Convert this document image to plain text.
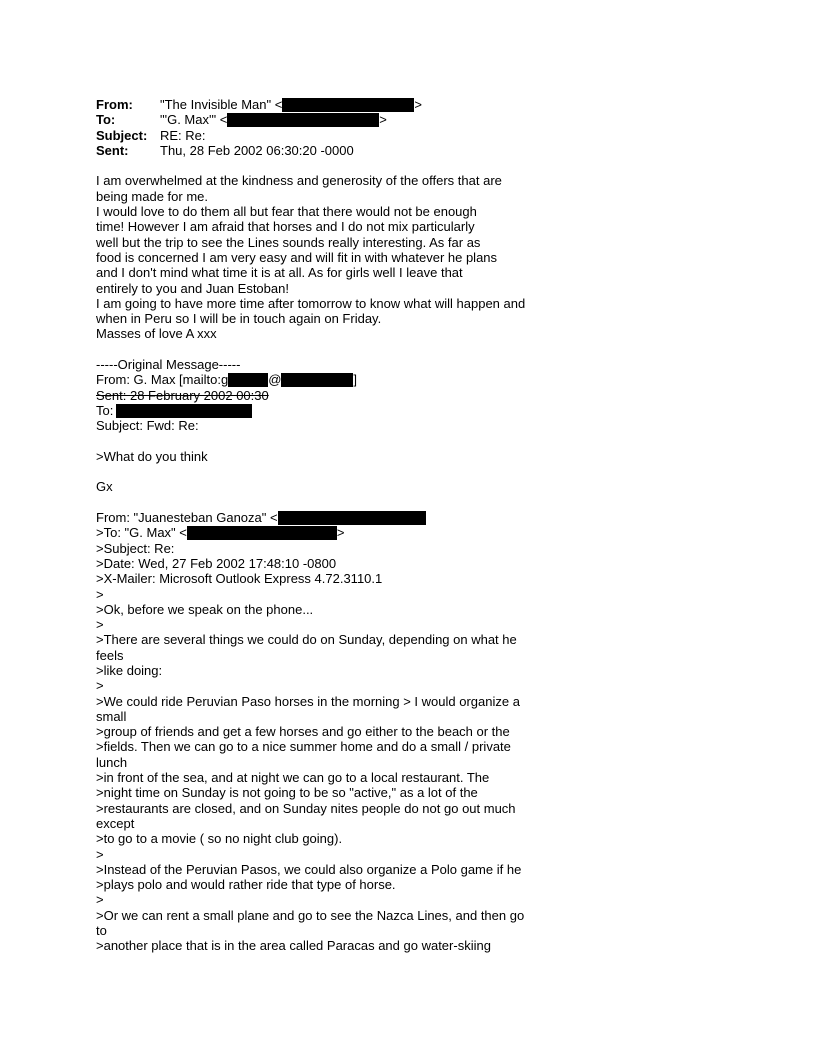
From: "The Invisible Man" <	>
To:	"'G. Max'" <	>
Subject: RE: Re:
Sent: Thu, 28 Feb 2002 06:30:20 -0000
I am overwhelmed at the kindness and generosity of the offers that are
being made for me.
I would love to do them all but fear that there would not be enough
time! However I am afraid that horses and I do not mix particularly
well but the trip to see the Lines sounds really interesting. As far as
food is concerned I am very easy and will fit in with whatever he plans
and I don't mind what time it is at all. As for girls well I leave that
entirely to you and Juan Estoban!
I am going to have more time after tomorrow to know what will happen and
when in Peru so I will be in touch again on Friday.
Masses of love A xxx
-----Original Message-----
From: G. Max [mailto:g	@	]
Sent: 28 February 2002 00:30
To:
Subject: Fwd: Re:
>What do you think
Gx
From: "Juanesteban Ganoza" <
>To: "G. Max" <	>
>Subject: Re:
>Date: Wed, 27 Feb 2002 17:48:10 -0800
>X-Mailer: Microsoft Outlook Express 4.72.3110.1
>
>Ok, before we speak on the phone...
>
>There are several things we could do on Sunday, depending on what he
feels
>like doing:
>
>We could ride Peruvian Paso horses in the morning > I would organize a
small
>group of friends and get a few horses and go either to the beach or the
>fields. Then we can go to a nice summer home and do a small / private
lunch
>in front of the sea, and at night we can go to a local restaurant. The
>night time on Sunday is not going to be so "active," as a lot of the
>restaurants are closed, and on Sunday nites people do not go out much
except
>to go to a movie ( so no night club going).
>
>Instead of the Peruvian Pasos, we could also organize a Polo game if he
>plays polo and would rather ride that type of horse.
>
>Or we can rent a small plane and go to see the Nazca Lines, and then go
to
>another place that is in the area called Paracas and go water-skiing
